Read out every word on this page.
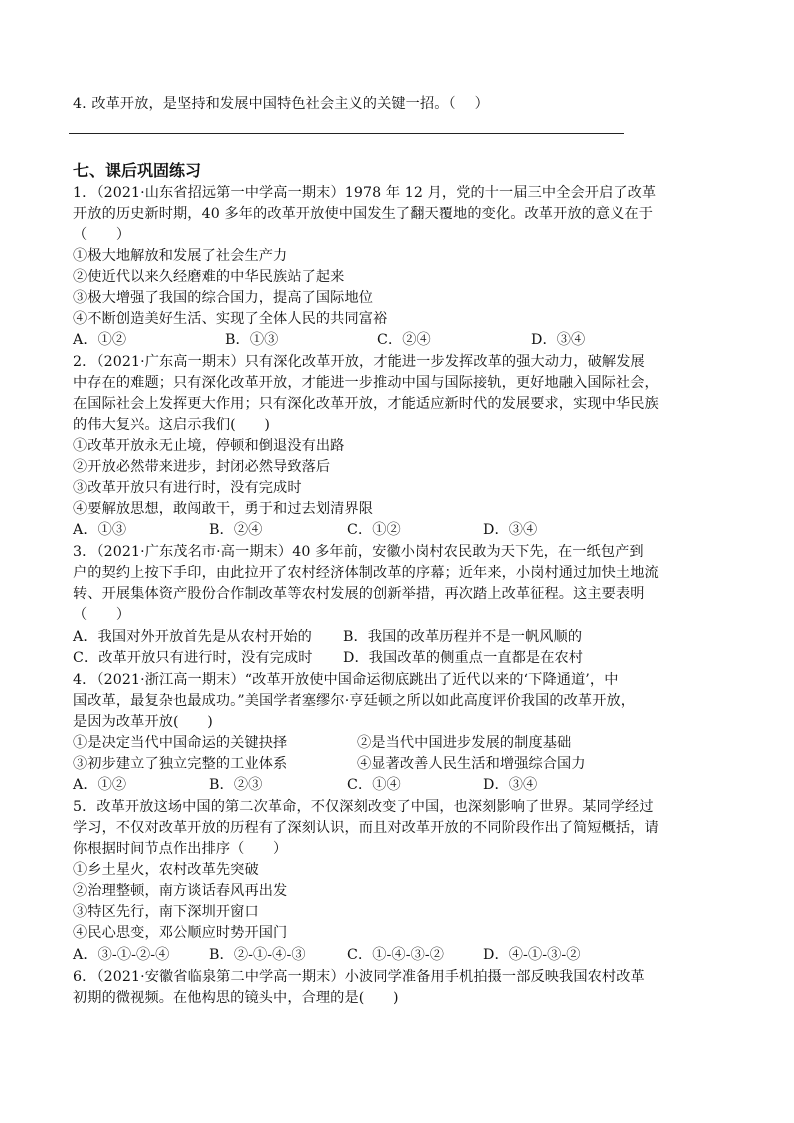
4. 改革开放，是坚持和发展中国特色社会主义的关键一招。（　 ）
七、课后巩固练习
1．（2021·山东省招远第一中学高一期末）1978 年 12 月，党的十一届三中全会开启了改革
开放的历史新时期，40 多年的改革开放使中国发生了翻天覆地的变化。改革开放的意义在于
（　　）
①极大地解放和发展了社会生产力
②使近代以来久经磨难的中华民族站了起来
③极大增强了我国的综合国力，提高了国际地位
④不断创造美好生活、实现了全体人民的共同富裕
A．①②	B．①③	C．②④	D．③④
2．（2021·广东高一期末）只有深化改革开放，才能进一步发挥改革的强大动力，破解发展
中存在的难题；只有深化改革开放，才能进一步推动中国与国际接轨，更好地融入国际社会，
在国际社会上发挥更大作用；只有深化改革开放，才能适应新时代的发展要求，实现中华民族
的伟大复兴。这启示我们(　　)
①改革开放永无止境，停顿和倒退没有出路
②开放必然带来进步，封闭必然导致落后
③改革开放只有进行时，没有完成时
④要解放思想，敢闯敢干，勇于和过去划清界限
A．①③	B．②④	C．①②	D．③④
3．（2021·广东茂名市·高一期末）40 多年前，安徽小岗村农民敢为天下先，在一纸包产到
户的契约上按下手印，由此拉开了农村经济体制改革的序幕；近年来，小岗村通过加快土地流
转、开展集体资产股份合作制改革等农村发展的创新举措，再次踏上改革征程。这主要表明
（　　）
A．我国对外开放首先是从农村开始的 B．我国的改革历程并不是一帆风顺的
C．改革开放只有进行时，没有完成时 D．我国改革的侧重点一直都是在农村
4．（2021·浙江高一期末）“改革开放使中国命运彻底跳出了近代以来的‘下降通道’，中
国改革，最复杂也最成功。”美国学者塞缪尔·亨廷顿之所以如此高度评价我国的改革开放，
是因为改革开放(　　)
①是决定当代中国命运的关键抉择	②是当代中国进步发展的制度基础
③初步建立了独立完整的工业体系	④显著改善人民生活和增强综合国力
A．①②	B．②③	C．①④	D．③④
5．改革开放这场中国的第二次革命，不仅深刻改变了中国，也深刻影响了世界。某同学经过
学习，不仅对改革开放的历程有了深刻认识，而且对改革开放的不同阶段作出了简短概括，请
你根据时间节点作出排序（　　）
①乡土星火，农村改革先突破
②治理整顿，南方谈话春风再出发
③特区先行，南下深圳开窗口
④民心思变，邓公顺应时势开国门
A．③-①-②-④	B．②-①-④-③	C．①-④-③-②	D．④-①-③-②
6．（2021·安徽省临泉第二中学高一期末）小波同学准备用手机拍摄一部反映我国农村改革
初期的微视频。在他构思的镜头中，合理的是(　　)
